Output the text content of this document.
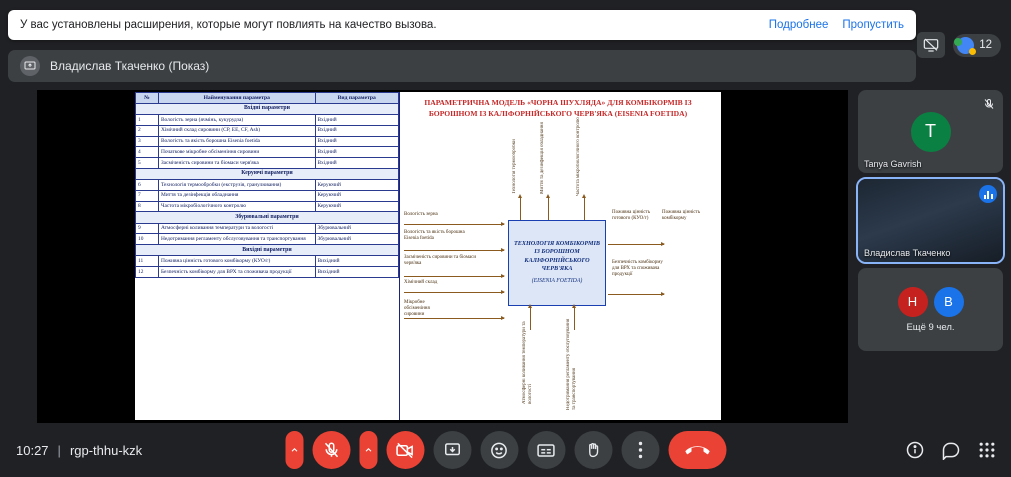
У вас установлены расширения, которые могут повлиять на качество вызова.	Подробнее Пропустить
12
Владислав Ткаченко (Показ)
№	Найменування параметра	Вид параметра
Вхідні параметри		
1	Вологість зерна (ячмінь, кукурудза)	Вхідний
2	Хімічний склад сировини (СР, ЕЕ, CF, Ash)	Вхідний
3	Вологість та якість борошна Eisenia foetida	Вхідний
4	Початкове мікробне обсіменіння сировини	Вхідний
5	Засміченість сировини та біомаси черв'яка	Вхідний
Керуючі параметри		
6	Технологія термообробки (екструзія, гранулювання)	Керуючий
7	Миття та дезінфекція обладнання	Керуючий
8	Частота мікробіологічного контролю	Керуючий
Збурювальні параметри		
9	Атмосферні коливання температури та вологості	Збурювальний
10	Недотримання регламенту обслуговування та транспортування	Збурювальний
Вихідні параметри		
11	Поживна цінність готового комбікорму (КУО/г)	Вихідний
12	Безпечність комбікорму для ВРХ та споживача продукції	Вихідний
ПАРАМЕТРИЧНА МОДЕЛЬ «ЧОРНА ШУХЛЯДА» ДЛЯ КОМБІКОРМІВ ІЗ БОРОШНОМ ІЗ КАЛІФОРНІЙСЬКОГО ЧЕРВ'ЯКА (EISENIA FOETIDA)
ТЕХНОЛОГІЯ КОМБІКОРМІВ ІЗ БОРОШНОМ КАЛІФОРНІЙСЬКОГО ЧЕРВ'ЯКА
(EISENIA FOETIDA)
Вологість зерна
Вологість та якість борошна Eisenia foetida
Засміченість сировини та біомаси черв'яка
Хімічний склад
Мікробне обсіменіння сировини
Технологія термообробки	Миття та дезінфекція обладнання	Частота мікробіологічного контролю
Атмосферні коливання температури та вологості	Недотримання регламенту обслуговування та транспортування
Поживна цінність готового (КУО/г)
Поживна цінність комбікорму
Безпечність комбікорму для ВРХ та споживача продукції
T
Tanya Gavrish
Владислав Ткаченко
Н	В
Ещё 9 чел.
10:27 | rgp-thhu-kzk
